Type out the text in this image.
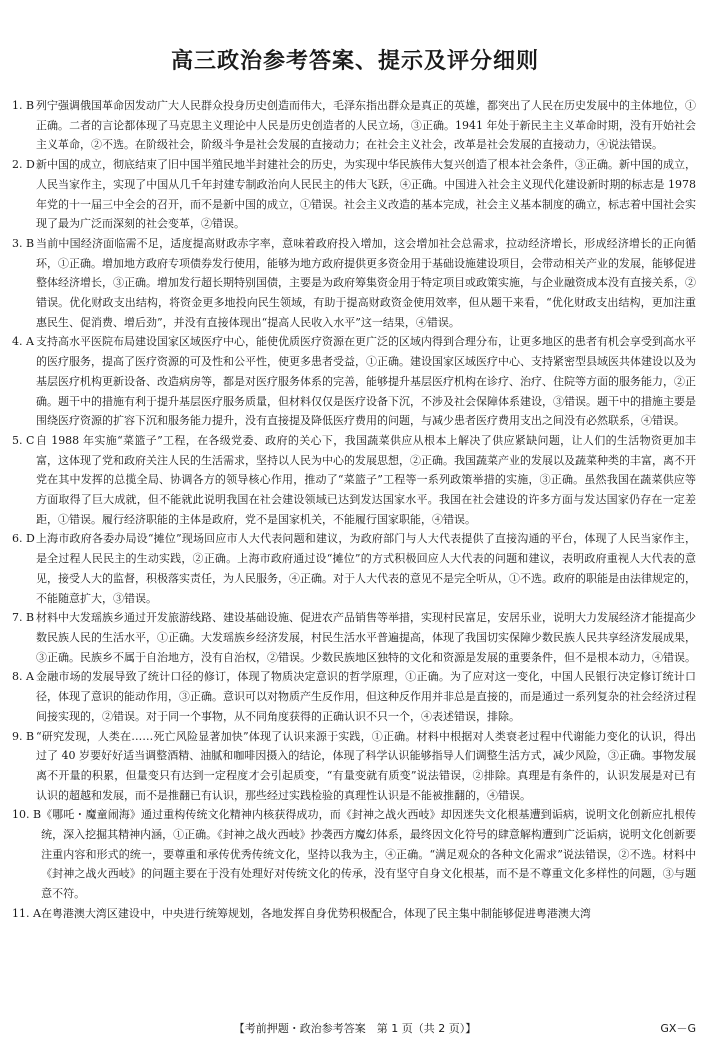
高三政治参考答案、提示及评分细则
1. B 列宁强调俄国革命因发动广大人民群众投身历史创造而伟大，毛泽东指出群众是真正的英雄，都突出了人民在历史发展中的主体地位，①正确。二者的言论都体现了马克思主义理论中人民是历史创造者的人民立场，③正确。1941 年处于新民主主义革命时期，没有开始社会主义革命，②不选。在阶级社会，阶级斗争是社会发展的直接动力；在社会主义社会，改革是社会发展的直接动力，④说法错误。
2. D 新中国的成立，彻底结束了旧中国半殖民地半封建社会的历史，为实现中华民族伟大复兴创造了根本社会条件，③正确。新中国的成立，人民当家作主，实现了中国从几千年封建专制政治向人民民主的伟大飞跃，④正确。中国进入社会主义现代化建设新时期的标志是 1978 年党的十一届三中全会的召开，而不是新中国的成立，①错误。社会主义改造的基本完成，社会主义基本制度的确立，标志着中国社会实现了最为广泛而深刻的社会变革，②错误。
3. B 当前中国经济面临需不足，适度提高财政赤字率，意味着政府投入增加，这会增加社会总需求，拉动经济增长，形成经济增长的正向循环，①正确。增加地方政府专项债券发行使用，能够为地方政府提供更多资金用于基础设施建设项目，会带动相关产业的发展，能够促进整体经济增长，③正确。增加发行超长期特别国债，主要是为政府筹集资金用于特定项目或政策实施，与企业融资成本没有直接关系，②错误。优化财政支出结构，将资金更多地投向民生领域，有助于提高财政资金使用效率，但从题干来看，“优化财政支出结构，更加注重惠民生、促消费、增后劲”，并没有直接体现出“提高人民收入水平”这一结果，④错误。
4. A 支持高水平医院布局建设国家区域医疗中心，能使优质医疗资源在更广泛的区域内得到合理分布，让更多地区的患者有机会享受到高水平的医疗服务，提高了医疗资源的可及性和公平性，使更多患者受益，①正确。建设国家区域医疗中心、支持紧密型县域医共体建设以及为基层医疗机构更新设备、改造病房等，都是对医疗服务体系的完善，能够提升基层医疗机构在诊疗、治疗、住院等方面的服务能力，②正确。题干中的措施有利于提升基层医疗服务质量，但材料仅仅是医疗设备下沉，不涉及社会保障体系建设，③错误。题干中的措施主要是围绕医疗资源的扩容下沉和服务能力提升，没有直接提及降低医疗费用的问题，与减少患者医疗费用支出之间没有必然联系，④错误。
5. C 自 1988 年实施“菜篮子”工程，在各级党委、政府的关心下，我国蔬菜供应从根本上解决了供应紧缺问题，让人们的生活物资更加丰富，这体现了党和政府关注人民的生活需求，坚持以人民为中心的发展思想，②正确。我国蔬菜产业的发展以及蔬菜种类的丰富，离不开党在其中发挥的总揽全局、协调各方的领导核心作用，推动了“菜篮子”工程等一系列政策举措的实施，③正确。虽然我国在蔬菜供应等方面取得了巨大成就，但不能就此说明我国在社会建设领域已达到发达国家水平。我国在社会建设的许多方面与发达国家仍存在一定差距，①错误。履行经济职能的主体是政府，党不是国家机关，不能履行国家职能，④错误。
6. D 上海市政府各委办局设“摊位”现场回应市人大代表问题和建议，为政府部门与人大代表提供了直接沟通的平台，体现了人民当家作主，是全过程人民民主的生动实践，②正确。上海市政府通过设“摊位”的方式积极回应人大代表的问题和建议，表明政府重视人大代表的意见，接受人大的监督，积极落实责任，为人民服务，④正确。对于人大代表的意见不是完全听从，①不选。政府的职能是由法律规定的，不能随意扩大，③错误。
7. B 材料中大发瑶族乡通过开发旅游线路、建设基础设施、促进农产品销售等举措，实现村民富足，安居乐业，说明大力发展经济才能提高少数民族人民的生活水平，①正确。大发瑶族乡经济发展，村民生活水平普遍提高，体现了我国切实保障少数民族人民共享经济发展成果，③正确。民族乡不属于自治地方，没有自治权，②错误。少数民族地区独特的文化和资源是发展的重要条件，但不是根本动力，④错误。
8. A 金融市场的发展导致了统计口径的修订，体现了物质决定意识的哲学原理，①正确。为了应对这一变化，中国人民银行决定修订统计口径，体现了意识的能动作用，③正确。意识可以对物质产生反作用，但这种反作用并非总是直接的，而是通过一系列复杂的社会经济过程间接实现的，②错误。对于同一个事物，从不同角度获得的正确认识不只一个，④表述错误，排除。
9. B “研究发现，人类在……死亡风险显著加快”体现了认识来源于实践，①正确。材料中根据对人类衰老过程中代谢能力变化的认识，得出过了 40 岁要好好适当调整酒精、油腻和咖啡因摄入的结论，体现了科学认识能够指导人们调整生活方式，减少风险，③正确。事物发展离不开量的积累，但量变只有达到一定程度才会引起质变，“有量变就有质变”说法错误，②排除。真理是有条件的，认识发展是对已有认识的超越和发展，而不是推翻已有认识，那些经过实践检验的真理性认识是不能被推翻的，④错误。
10. B 《哪吒・魔童闹海》通过重构传统文化精神内核获得成功，而《封神之战火西岐》却因迷失文化根基遭到诟病，说明文化创新应扎根传统，深入挖掘其精神内涵，①正确。《封神之战火西岐》抄袭西方魔幻体系，最终因文化符号的肆意解构遭到广泛诟病，说明文化创新要注重内容和形式的统一，要尊重和承传优秀传统文化，坚持以我为主，④正确。“满足观众的各种文化需求”说法错误，②不选。材料中《封神之战火西岐》的问题主要在于没有处理好对传统文化的传承，没有坚守自身文化根基，而不是不尊重文化多样性的问题，③与题意不符。
11. A 在粤港澳大湾区建设中，中央进行统筹规划，各地发挥自身优势积极配合，体现了民主集中制能够促进粤港澳大湾
【考前押题・政治参考答案　第 1 页（共 2 页）】	GX－G
